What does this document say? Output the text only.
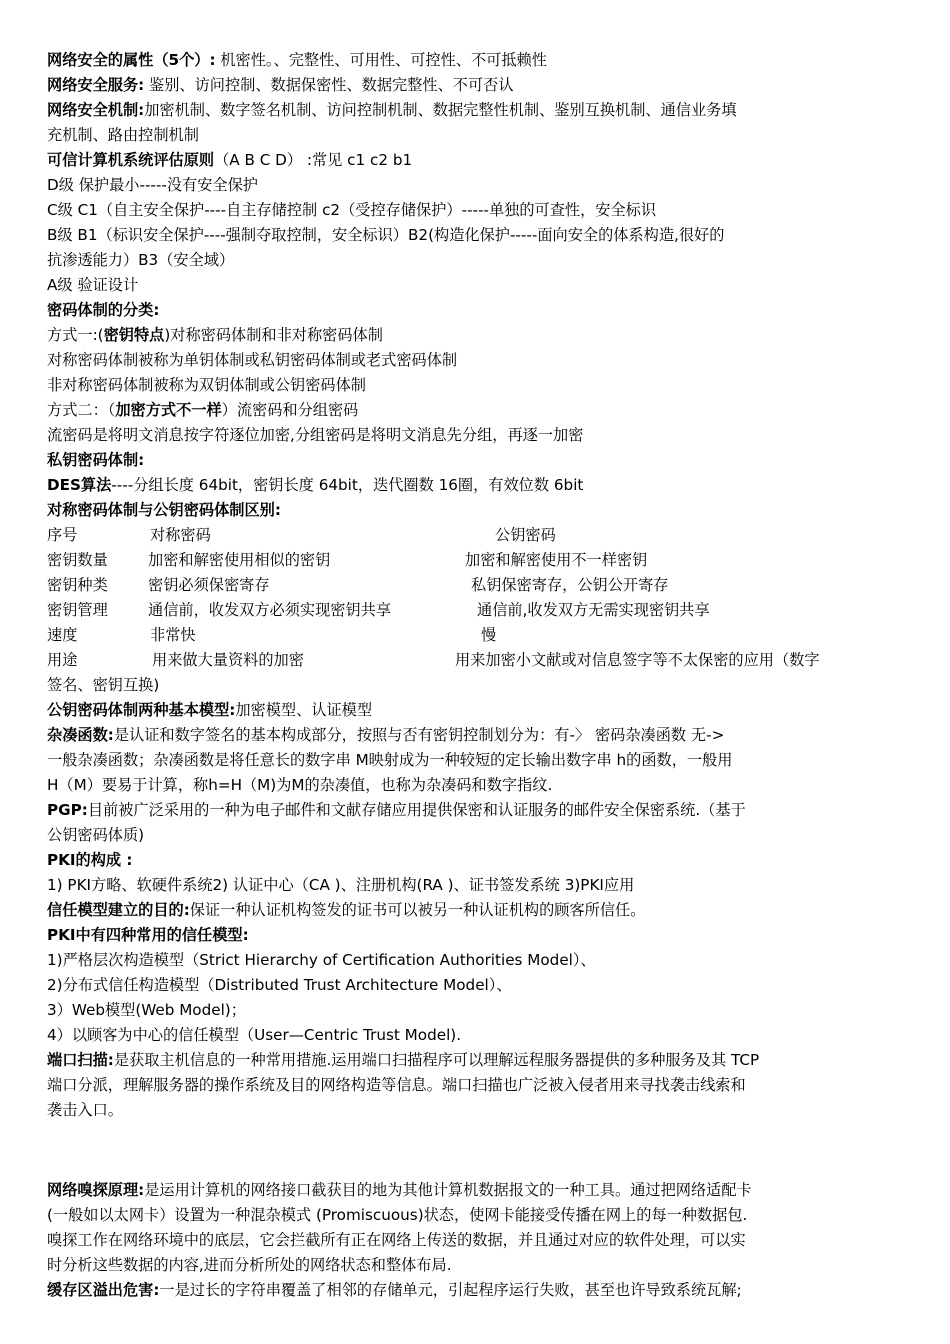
网络安全的属性（5个）: 机密性。、完整性、可用性、可控性、不可抵赖性
网络安全服务: 鉴别、访问控制、数据保密性、数据完整性、不可否认
网络安全机制:加密机制、数字签名机制、访问控制机制、数据完整性机制、鉴别互换机制、通信业务填
充机制、路由控制机制
可信计算机系统评估原则（A B C D） :常见 c1 c2 b1
D级 保护最小-----没有安全保护
C级 C1（自主安全保护----自主存储控制 c2（受控存储保护）-----单独的可查性，安全标识
B级 B1（标识安全保护----强制夺取控制，安全标识）B2(构造化保护-----面向安全的体系构造,很好的
抗渗透能力）B3（安全域）
A级 验证设计
密码体制的分类:
方式一:(密钥特点)对称密码体制和非对称密码体制
对称密码体制被称为单钥体制或私钥密码体制或老式密码体制
非对称密码体制被称为双钥体制或公钥密码体制
方式二：（加密方式不一样）流密码和分组密码
流密码是将明文消息按字符逐位加密,分组密码是将明文消息先分组，再逐一加密
私钥密码体制:
DES算法----分组长度 64bit，密钥长度 64bit，迭代圈数 16圈，有效位数 6bit
对称密码体制与公钥密码体制区别:
序号	对称密码	公钥密码
密钥数量	加密和解密使用相似的密钥	加密和解密使用不一样密钥
密钥种类	密钥必须保密寄存	私钥保密寄存，公钥公开寄存
密钥管理	通信前，收发双方必须实现密钥共享	通信前,收发双方无需实现密钥共享
速度	非常快	慢
用途	用来做大量资料的加密	用来加密小文献或对信息签字等不太保密的应用（数字
签名、密钥互换)
公钥密码体制两种基本模型:加密模型、认证模型
杂凑函数:是认证和数字签名的基本构成部分，按照与否有密钥控制划分为：有-〉 密码杂凑函数 无->
一般杂凑函数；杂凑函数是将任意长的数字串 M映射成为一种较短的定长输出数字串 h的函数，一般用
H（M）要易于计算，称h=H（M)为M的杂凑值，也称为杂凑码和数字指纹.
PGP:目前被广泛采用的一种为电子邮件和文献存储应用提供保密和认证服务的邮件安全保密系统.（基于
公钥密码体质)
PKI的构成 :
1) PKI方略、软硬件系统2) 认证中心（CA )、注册机构(RA )、证书签发系统 3)PKI应用
信任模型建立的目的:保证一种认证机构签发的证书可以被另一种认证机构的顾客所信任。
PKI中有四种常用的信任模型:
1)严格层次构造模型（Strict Hierarchy of Certification Authorities Model）、
2)分布式信任构造模型（Distributed Trust Architecture Model）、
3）Web模型(Web Model)；
4）以顾客为中心的信任模型（User—Centric Trust Model).
端口扫描:是获取主机信息的一种常用措施.运用端口扫描程序可以理解远程服务器提供的多种服务及其 TCP
端口分派，理解服务器的操作系统及目的网络构造等信息。端口扫描也广泛被入侵者用来寻找袭击线索和
袭击入口。
网络嗅探原理:是运用计算机的网络接口截获目的地为其他计算机数据报文的一种工具。通过把网络适配卡
(一般如以太网卡）设置为一种混杂模式 (Promiscuous)状态，使网卡能接受传播在网上的每一种数据包.
嗅探工作在网络环境中的底层，它会拦截所有正在网络上传送的数据，并且通过对应的软件处理，可以实
时分析这些数据的内容,进而分析所处的网络状态和整体布局.
缓存区溢出危害:一是过长的字符串覆盖了相邻的存储单元，引起程序运行失败，甚至也许导致系统瓦解;
